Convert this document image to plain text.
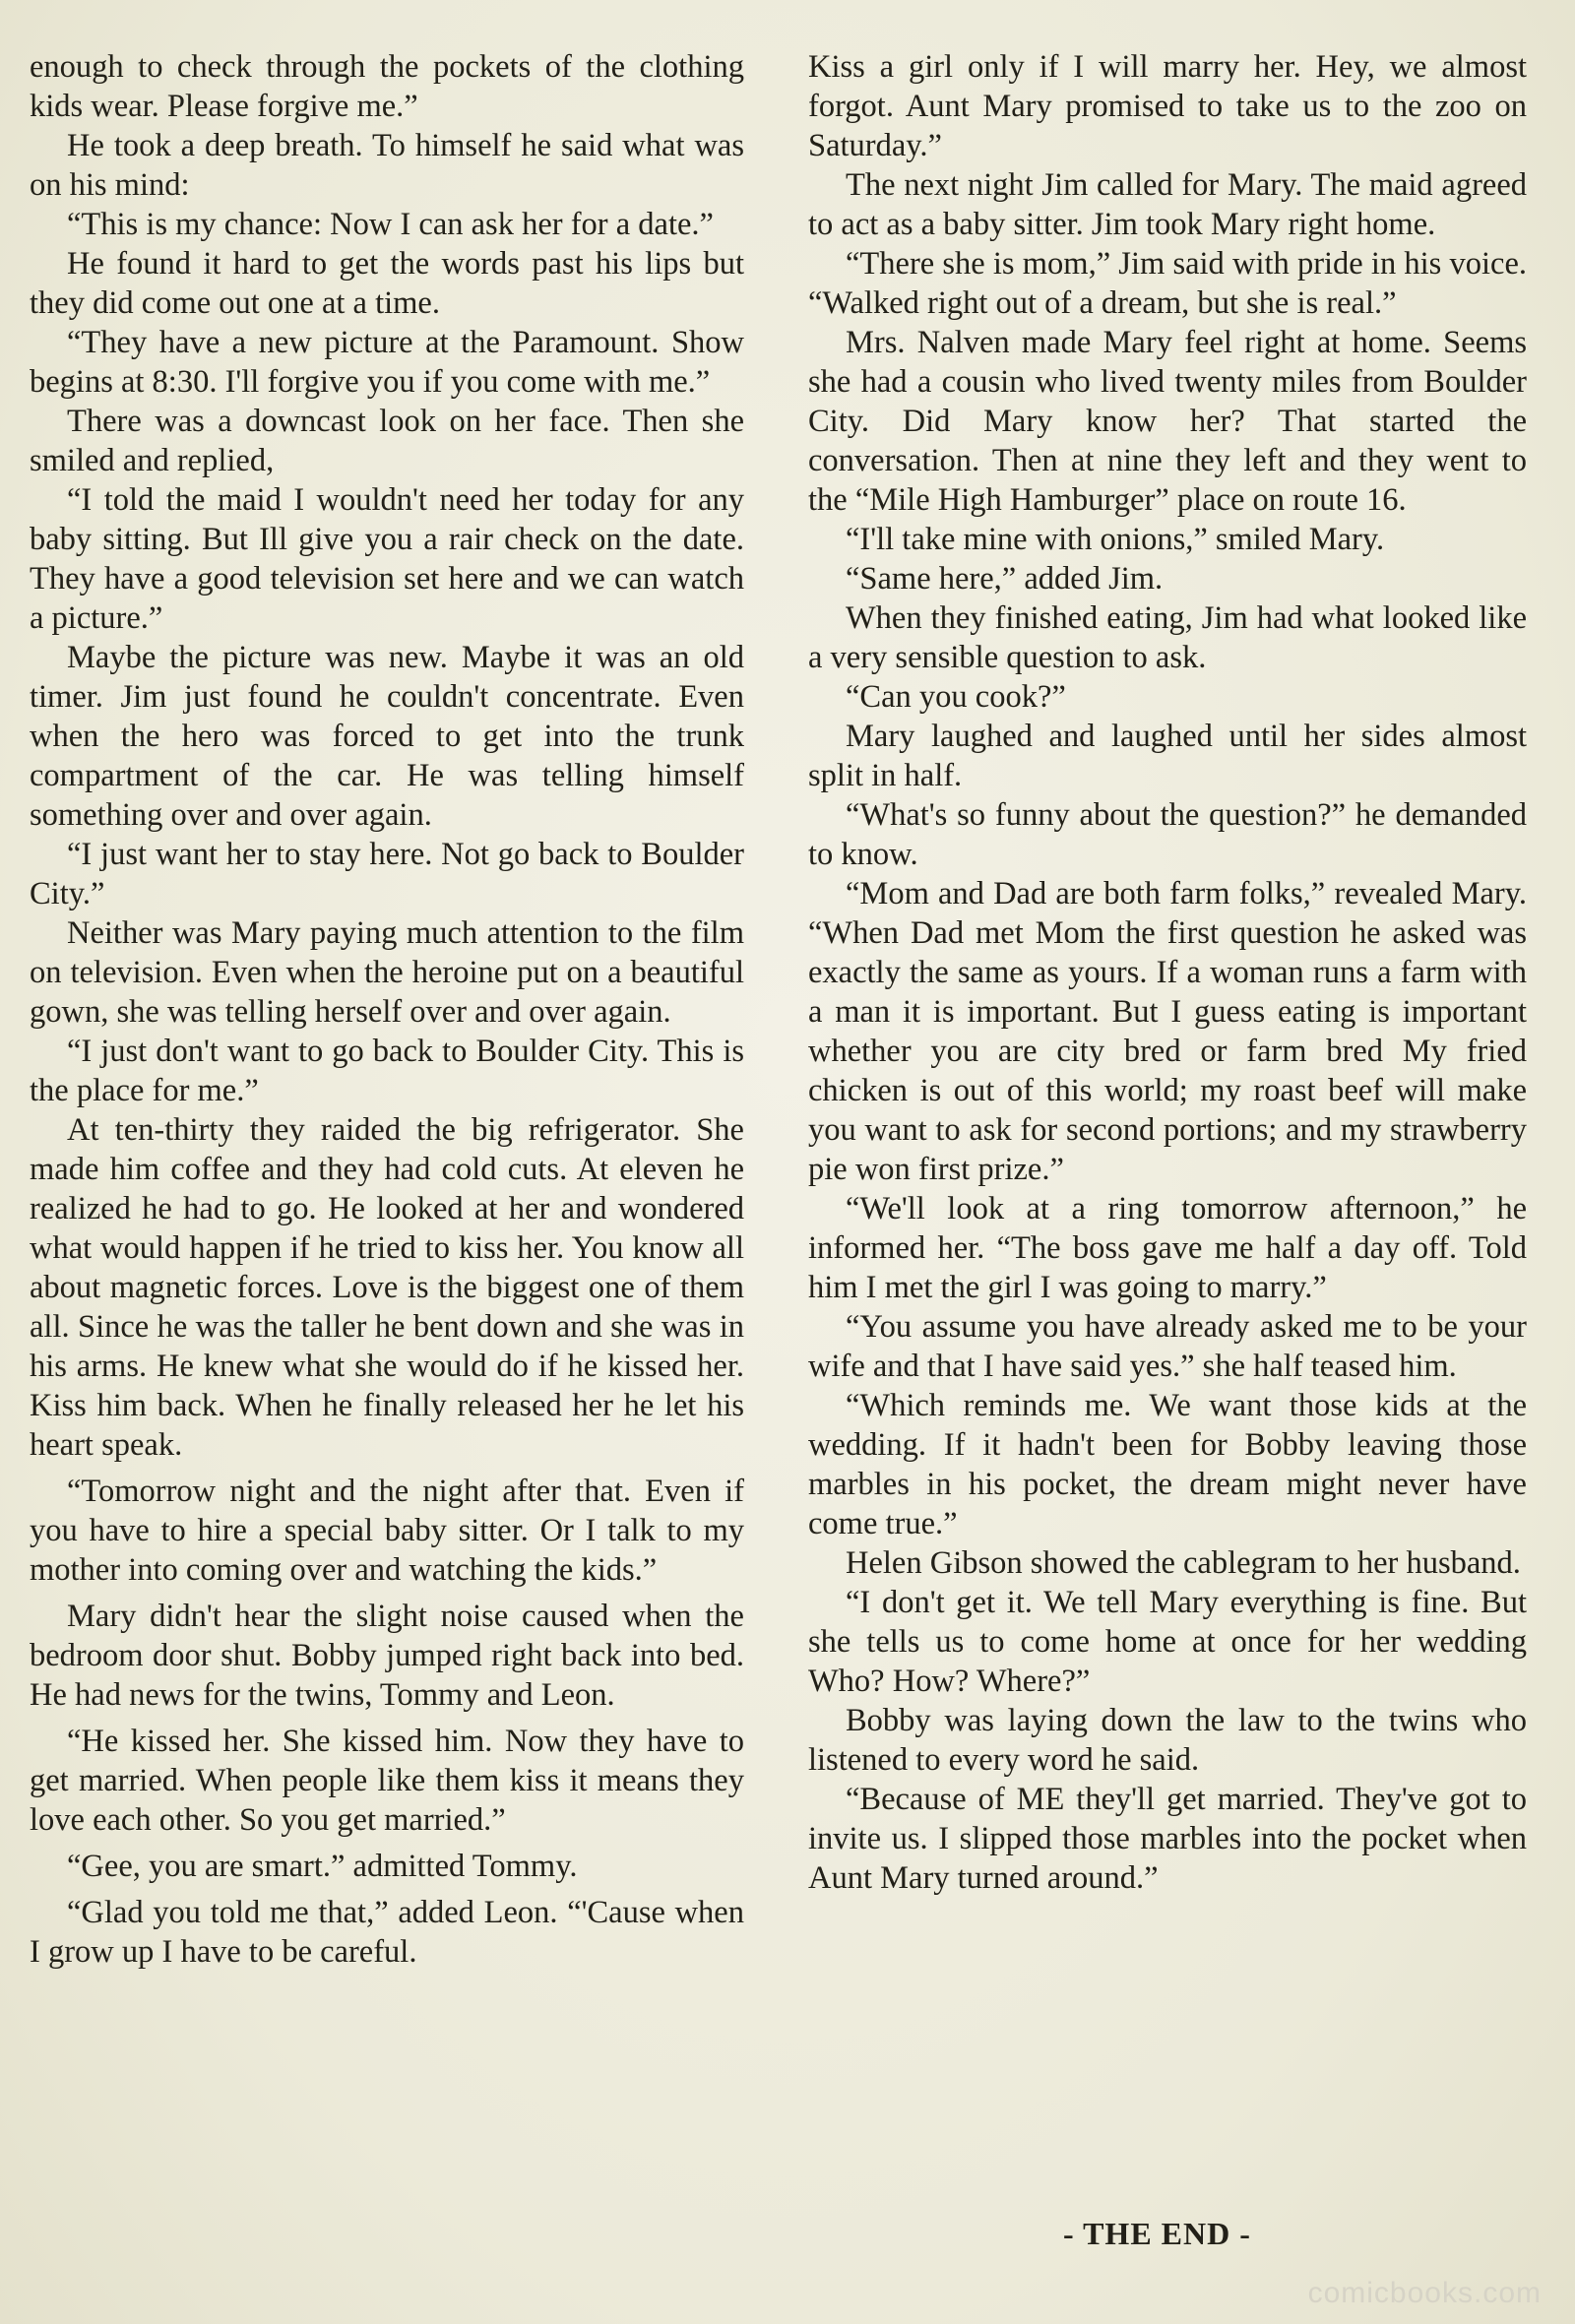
enough to check through the pockets of the clothing kids wear. Please forgive me.”

He took a deep breath. To himself he said what was on his mind:

“This is my chance: Now I can ask her for a date.”

He found it hard to get the words past his lips but they did come out one at a time.

“They have a new picture at the Paramount. Show begins at 8:30. I'll forgive you if you come with me.”

There was a downcast look on her face. Then she smiled and replied,

“I told the maid I wouldn't need her today for any baby sitting. But Ill give you a rair check on the date. They have a good television set here and we can watch a picture.”

Maybe the picture was new. Maybe it was an old timer. Jim just found he couldn't concentrate. Even when the hero was forced to get into the trunk compartment of the car. He was telling himself something over and over again.

“I just want her to stay here. Not go back to Boulder City.”

Neither was Mary paying much attention to the film on television. Even when the heroine put on a beautiful gown, she was telling herself over and over again.

“I just don't want to go back to Boulder City. This is the place for me.”

At ten-thirty they raided the big refrigerator. She made him coffee and they had cold cuts. At eleven he realized he had to go. He looked at her and wondered what would happen if he tried to kiss her. You know all about magnetic forces. Love is the biggest one of them all. Since he was the taller he bent down and she was in his arms. He knew what she would do if he kissed her. Kiss him back. When he finally released her he let his heart speak.

“Tomorrow night and the night after that. Even if you have to hire a special baby sitter. Or I talk to my mother into coming over and watching the kids.”

Mary didn't hear the slight noise caused when the bedroom door shut. Bobby jumped right back into bed. He had news for the twins, Tommy and Leon.

“He kissed her. She kissed him. Now they have to get married. When people like them kiss it means they love each other. So you get married.”

“Gee, you are smart.” admitted Tommy.

“Glad you told me that,” added Leon. “'Cause when I grow up I have to be careful.

Kiss a girl only if I will marry her. Hey, we almost forgot. Aunt Mary promised to take us to the zoo on Saturday.”

The next night Jim called for Mary. The maid agreed to act as a baby sitter. Jim took Mary right home.

“There she is mom,” Jim said with pride in his voice. “Walked right out of a dream, but she is real.”

Mrs. Nalven made Mary feel right at home. Seems she had a cousin who lived twenty miles from Boulder City. Did Mary know her? That started the conversation. Then at nine they left and they went to the “Mile High Hamburger” place on route 16.

“I'll take mine with onions,” smiled Mary.

“Same here,” added Jim.

When they finished eating, Jim had what looked like a very sensible question to ask.

“Can you cook?”

Mary laughed and laughed until her sides almost split in half.

“What's so funny about the question?” he demanded to know.

“Mom and Dad are both farm folks,” revealed Mary. “When Dad met Mom the first question he asked was exactly the same as yours. If a woman runs a farm with a man it is important. But I guess eating is important whether you are city bred or farm bred My fried chicken is out of this world; my roast beef will make you want to ask for second portions; and my strawberry pie won first prize.”

“We'll look at a ring tomorrow afternoon,” he informed her. “The boss gave me half a day off. Told him I met the girl I was going to marry.”

“You assume you have already asked me to be your wife and that I have said yes.” she half teased him.

“Which reminds me. We want those kids at the wedding. If it hadn't been for Bobby leaving those marbles in his pocket, the dream might never have come true.”

Helen Gibson showed the cablegram to her husband.

“I don't get it. We tell Mary everything is fine. But she tells us to come home at once for her wedding Who? How? Where?”

Bobby was laying down the law to the twins who listened to every word he said.

“Because of ME they'll get married. They've got to invite us. I slipped those marbles into the pocket when Aunt Mary turned around.”

- THE END -
comicbooks.com
